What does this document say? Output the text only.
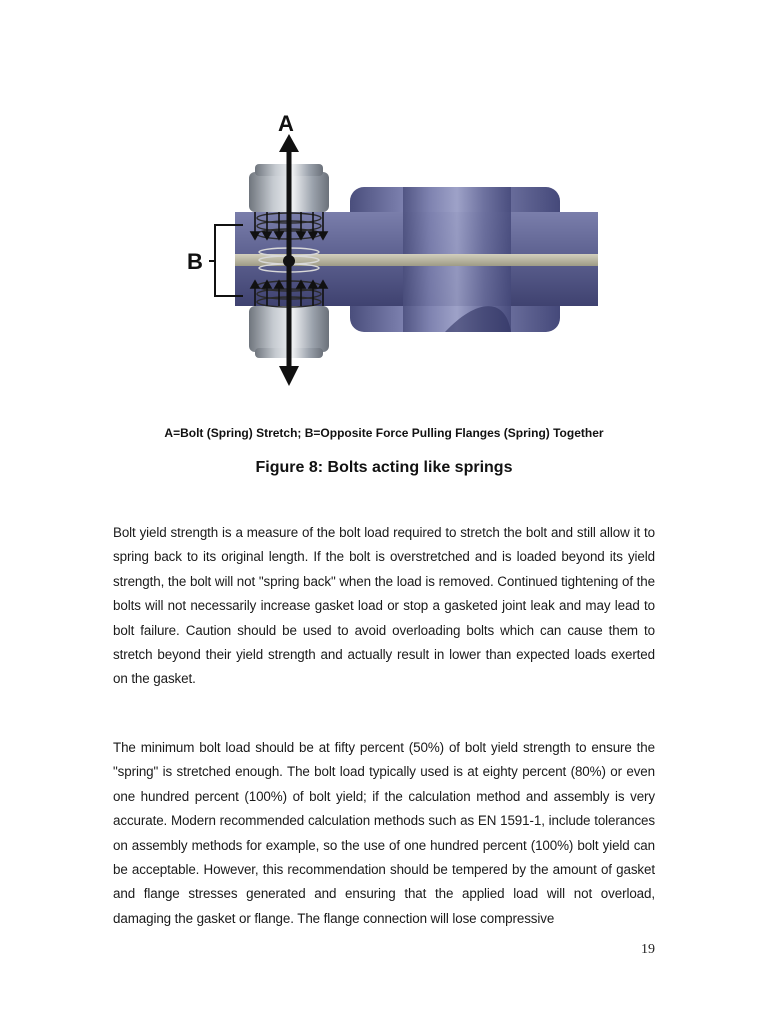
A
B
A=Bolt (Spring) Stretch; B=Opposite Force Pulling Flanges (Spring) Together
Figure 8: Bolts acting like springs

Bolt yield strength is a measure of the bolt load required to stretch the bolt and still allow it to spring back to its original length. If the bolt is overstretched and is loaded beyond its yield strength, the bolt will not "spring back" when the load is removed. Continued tightening of the bolts will not necessarily increase gasket load or stop a gasketed joint leak and may lead to bolt failure. Caution should be used to avoid overloading bolts which can cause them to stretch beyond their yield strength and actually result in lower than expected loads exerted on the gasket.

The minimum bolt load should be at fifty percent (50%) of bolt yield strength to ensure the "spring" is stretched enough. The bolt load typically used is at eighty percent (80%) or even one hundred percent (100%) of bolt yield; if the calculation method and assembly is very accurate. Modern recommended calculation methods such as EN 1591-1, include tolerances on assembly methods for example, so the use of one hundred percent (100%) bolt yield can be acceptable. However, this recommendation should be tempered by the amount of gasket and flange stresses generated and ensuring that the applied load will not overload, damaging the gasket or flange. The flange connection will lose compressive

19
